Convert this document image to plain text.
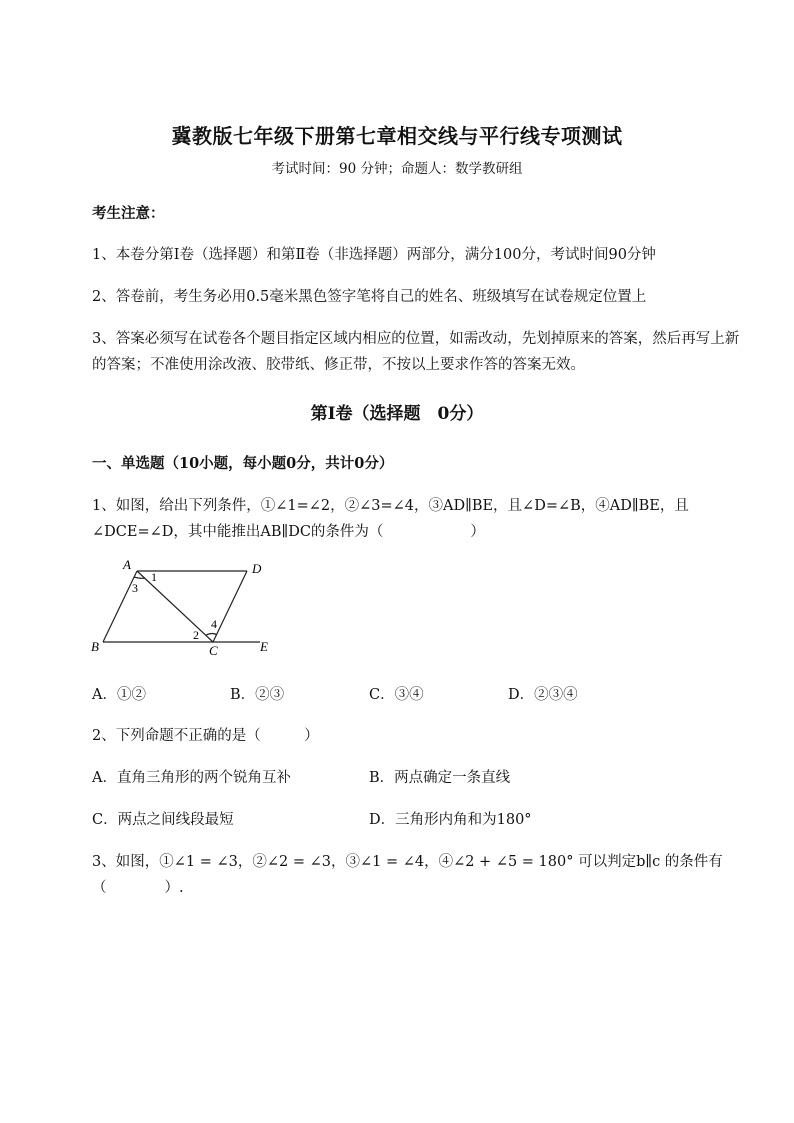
冀教版七年级下册第七章相交线与平行线专项测试
考试时间：90 分钟；命题人：数学教研组
考生注意：
1、本卷分第Ⅰ卷（选择题）和第Ⅱ卷（非选择题）两部分，满分100分，考试时间90分钟
2、答卷前，考生务必用0.5毫米黑色签字笔将自己的姓名、班级填写在试卷规定位置上
3、答案必须写在试卷各个题目指定区域内相应的位置，如需改动，先划掉原来的答案，然后再写上新
的答案；不准使用涂改液、胶带纸、修正带，不按以上要求作答的答案无效。
第Ⅰ卷（选择题　0分）
一、单选题（10小题，每小题0分，共计0分）
1、如图，给出下列条件，①∠1=∠2，②∠3=∠4，③AD∥BE，且∠D=∠B，④AD∥BE，且
∠DCE=∠D，其中能推出AB∥DC的条件为（　　　　　　）
A	D
B	C	E
1
2
3
4
A．①②	B．②③	C．③④	D．②③④
2、下列命题不正确的是（　　　）
A．直角三角形的两个锐角互补	B．两点确定一条直线
C．两点之间线段最短	D．三角形内角和为180°
3、如图，①∠1 = ∠3，②∠2 = ∠3，③∠1 = ∠4，④∠2 + ∠5 = 180° 可以判定b∥c 的条件有
（　　　　）.
